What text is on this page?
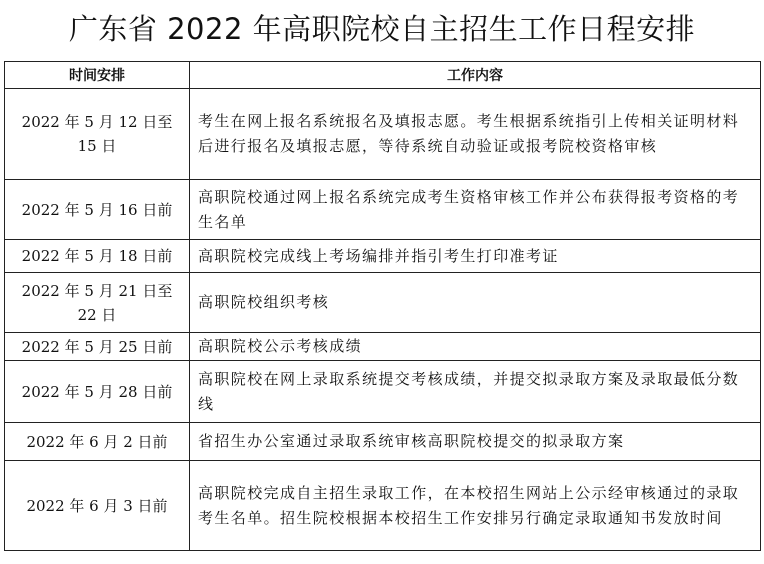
广东省 2022 年高职院校自主招生工作日程安排
时间安排	工作内容
2022 年 5 月 12 日至 15 日	考生在网上报名系统报名及填报志愿。考生根据系统指引上传相关证明材料后进行报名及填报志愿，等待系统自动验证或报考院校资格审核
2022 年 5 月 16 日前	高职院校通过网上报名系统完成考生资格审核工作并公布获得报考资格的考生名单
2022 年 5 月 18 日前	高职院校完成线上考场编排并指引考生打印准考证
2022 年 5 月 21 日至 22 日	高职院校组织考核
2022 年 5 月 25 日前	高职院校公示考核成绩
2022 年 5 月 28 日前	高职院校在网上录取系统提交考核成绩，并提交拟录取方案及录取最低分数线
2022 年 6 月 2 日前	省招生办公室通过录取系统审核高职院校提交的拟录取方案
2022 年 6 月 3 日前	高职院校完成自主招生录取工作，在本校招生网站上公示经审核通过的录取考生名单。招生院校根据本校招生工作安排另行确定录取通知书发放时间
